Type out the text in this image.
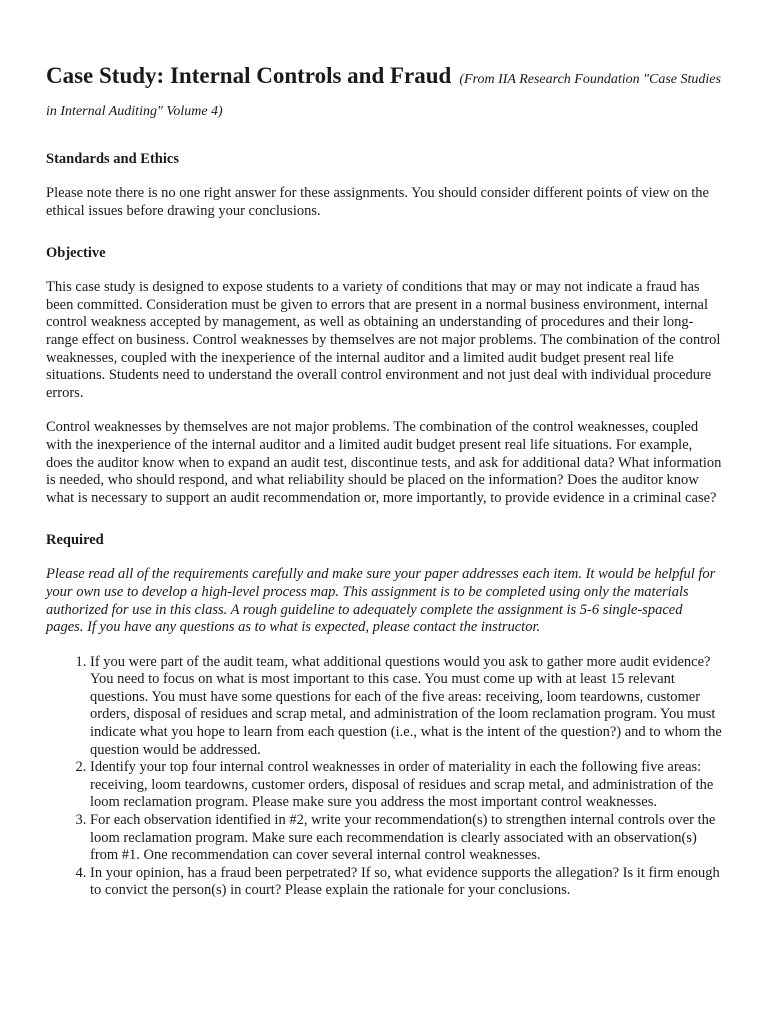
Case Study: Internal Controls and Fraud (From IIA Research Foundation "Case Studies in Internal Auditing" Volume 4)
Standards and Ethics

Please note there is no one right answer for these assignments. You should consider different points of view on the ethical issues before drawing your conclusions.

Objective

This case study is designed to expose students to a variety of conditions that may or may not indicate a fraud has been committed. Consideration must be given to errors that are present in a normal business environment, internal control weakness accepted by management, as well as obtaining an understanding of procedures and their long-range effect on business. Control weaknesses by themselves are not major problems. The combination of the control weaknesses, coupled with the inexperience of the internal auditor and a limited audit budget present real life situations. Students need to understand the overall control environment and not just deal with individual procedure errors.

Control weaknesses by themselves are not major problems. The combination of the control weaknesses, coupled with the inexperience of the internal auditor and a limited audit budget present real life situations. For example, does the auditor know when to expand an audit test, discontinue tests, and ask for additional data? What information is needed, who should respond, and what reliability should be placed on the information? Does the auditor know what is necessary to support an audit recommendation or, more importantly, to provide evidence in a criminal case?

Required

Please read all of the requirements carefully and make sure your paper addresses each item. It would be helpful for your own use to develop a high-level process map. This assignment is to be completed using only the materials authorized for use in this class. A rough guideline to adequately complete the assignment is 5-6 single-spaced pages. If you have any questions as to what is expected, please contact the instructor.

1. If you were part of the audit team, what additional questions would you ask to gather more audit evidence? You need to focus on what is most important to this case. You must come up with at least 15 relevant questions. You must have some questions for each of the five areas: receiving, loom teardowns, customer orders, disposal of residues and scrap metal, and administration of the loom reclamation program. You must indicate what you hope to learn from each question (i.e., what is the intent of the question?) and to whom the question would be addressed.
2. Identify your top four internal control weaknesses in order of materiality in each the following five areas: receiving, loom teardowns, customer orders, disposal of residues and scrap metal, and administration of the loom reclamation program. Please make sure you address the most important control weaknesses.
3. For each observation identified in #2, write your recommendation(s) to strengthen internal controls over the loom reclamation program. Make sure each recommendation is clearly associated with an observation(s) from #1. One recommendation can cover several internal control weaknesses.
4. In your opinion, has a fraud been perpetrated? If so, what evidence supports the allegation? Is it firm enough to convict the person(s) in court? Please explain the rationale for your conclusions.
